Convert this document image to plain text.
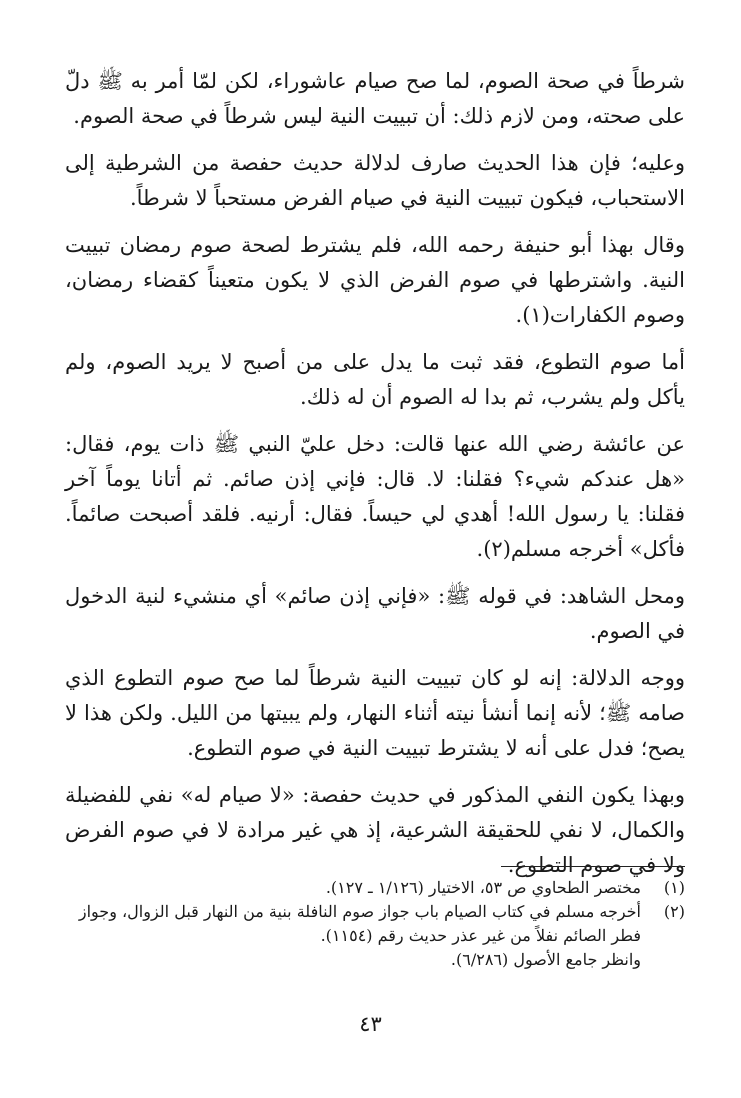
شرطاً في صحة الصوم، لما صح صيام عاشوراء، لكن لمّا أمر به ﷺ دلّ على صحته، ومن لازم ذلك: أن تبييت النية ليس شرطاً في صحة الصوم.

وعليه؛ فإن هذا الحديث صارف لدلالة حديث حفصة من الشرطية إلى الاستحباب، فيكون تبييت النية في صيام الفرض مستحباً لا شرطاً.

وقال بهذا أبو حنيفة رحمه الله، فلم يشترط لصحة صوم رمضان تبييت النية. واشترطها في صوم الفرض الذي لا يكون متعيناً كقضاء رمضان، وصوم الكفارات(١).

أما صوم التطوع، فقد ثبت ما يدل على من أصبح لا يريد الصوم، ولم يأكل ولم يشرب، ثم بدا له الصوم أن له ذلك.

عن عائشة رضي الله عنها قالت: دخل عليّ النبي ﷺ ذات يوم، فقال: «هل عندكم شيء؟ فقلنا: لا. قال: فإني إذن صائم. ثم أتانا يوماً آخر فقلنا: يا رسول الله! أهدي لي حيساً. فقال: أرنيه. فلقد أصبحت صائماً. فأكل» أخرجه مسلم(٢).

ومحل الشاهد: في قوله ﷺ: «فإني إذن صائم» أي منشيء لنية الدخول في الصوم.

ووجه الدلالة: إنه لو كان تبييت النية شرطاً لما صح صوم التطوع الذي صامه ﷺ؛ لأنه إنما أنشأ نيته أثناء النهار، ولم يبيتها من الليل. ولكن هذا لا يصح؛ فدل على أنه لا يشترط تبييت النية في صوم التطوع.

وبهذا يكون النفي المذكور في حديث حفصة: «لا صيام له» نفي للفضيلة والكمال، لا نفي للحقيقة الشرعية، إذ هي غير مرادة لا في صوم الفرض ولا في صوم التطوع.

(١)
مختصر الطحاوي ص ٥٣، الاختيار (١/١٢٦ ـ ١٢٧).
(٢)
أخرجه مسلم في كتاب الصيام باب جواز صوم النافلة بنية من النهار قبل الزوال، وجواز فطر الصائم نفلاً من غير عذر حديث رقم (١١٥٤).
وانظر جامع الأصول (٦/٢٨٦).
٤٣
